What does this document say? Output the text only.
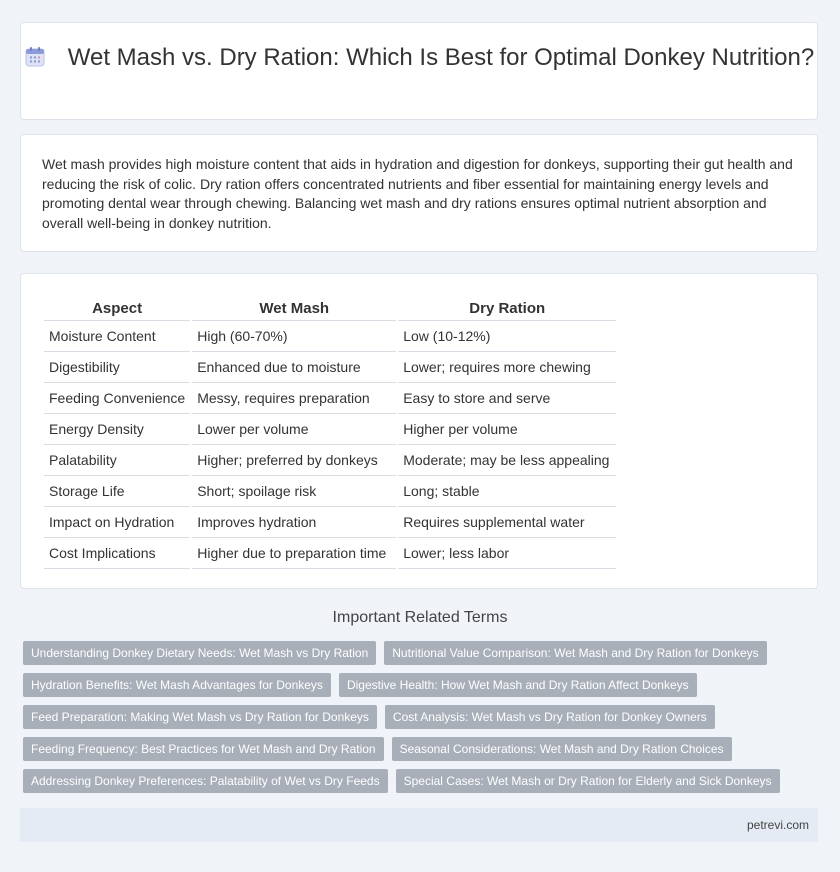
Wet Mash vs. Dry Ration: Which Is Best for Optimal Donkey Nutrition?

Wet mash provides high moisture content that aids in hydration and digestion for donkeys, supporting their gut health and reducing the risk of colic. Dry ration offers concentrated nutrients and fiber essential for maintaining energy levels and promoting dental wear through chewing. Balancing wet mash and dry rations ensures optimal nutrient absorption and overall well-being in donkey nutrition.

Aspect	Wet Mash	Dry Ration
Moisture Content	High (60-70%)	Low (10-12%)
Digestibility	Enhanced due to moisture	Lower; requires more chewing
Feeding Convenience	Messy, requires preparation	Easy to store and serve
Energy Density	Lower per volume	Higher per volume
Palatability	Higher; preferred by donkeys	Moderate; may be less appealing
Storage Life	Short; spoilage risk	Long; stable
Impact on Hydration	Improves hydration	Requires supplemental water
Cost Implications	Higher due to preparation time	Lower; less labor
Important Related Terms
Understanding Donkey Dietary Needs: Wet Mash vs Dry Ration	Nutritional Value Comparison: Wet Mash and Dry Ration for Donkeys
Hydration Benefits: Wet Mash Advantages for Donkeys	Digestive Health: How Wet Mash and Dry Ration Affect Donkeys
Feed Preparation: Making Wet Mash vs Dry Ration for Donkeys	Cost Analysis: Wet Mash vs Dry Ration for Donkey Owners
Feeding Frequency: Best Practices for Wet Mash and Dry Ration	Seasonal Considerations: Wet Mash and Dry Ration Choices
Addressing Donkey Preferences: Palatability of Wet vs Dry Feeds	Special Cases: Wet Mash or Dry Ration for Elderly and Sick Donkeys
petrevi.com
